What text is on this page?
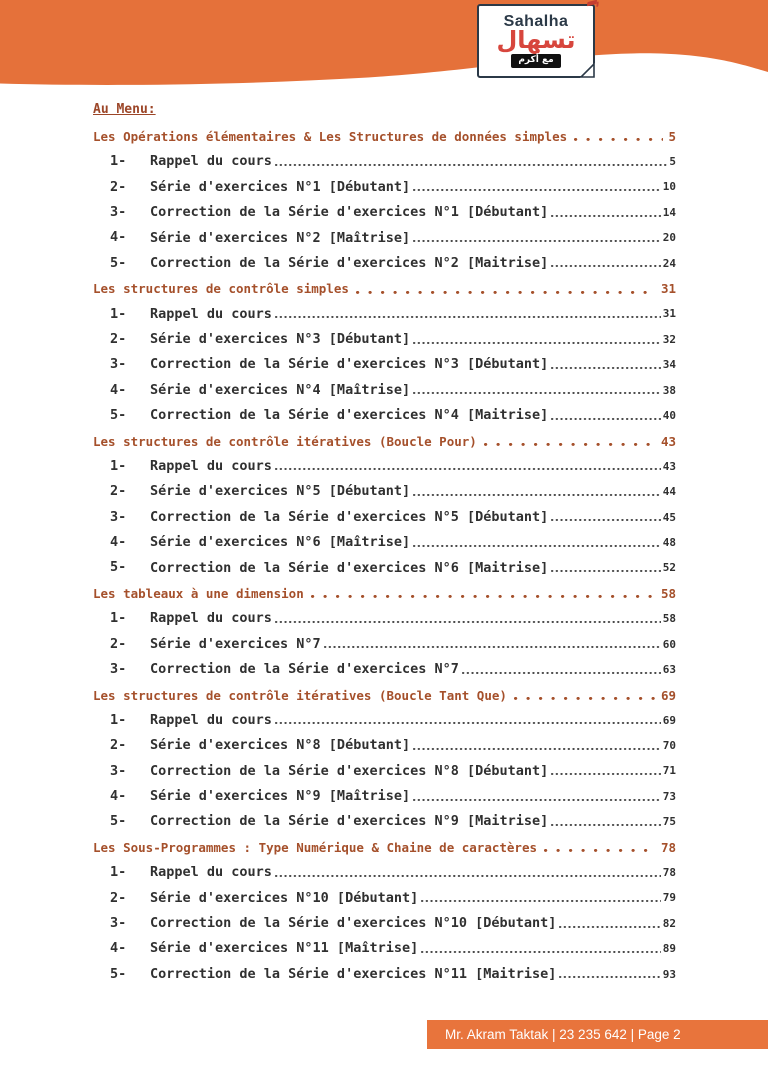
Sahalha
تسهال
مع أكرم
Au Menu:
Les Opérations élémentaires & Les Structures de données simples	5
1-	Rappel du cours	5
2-	Série d'exercices N°1 [Débutant]	10
3-	Correction de la Série d'exercices N°1 [Débutant]	14
4-	Série d'exercices N°2 [Maîtrise]	20
5-	Correction de la Série d'exercices N°2 [Maitrise]	24
Les structures de contrôle simples	31
1-	Rappel du cours	31
2-	Série d'exercices N°3 [Débutant]	32
3-	Correction de la Série d'exercices N°3 [Débutant]	34
4-	Série d'exercices N°4 [Maîtrise]	38
5-	Correction de la Série d'exercices N°4 [Maitrise]	40
Les structures de contrôle itératives (Boucle Pour)	43
1-	Rappel du cours	43
2-	Série d'exercices N°5 [Débutant]	44
3-	Correction de la Série d'exercices N°5 [Débutant]	45
4-	Série d'exercices N°6 [Maîtrise]	48
5-	Correction de la Série d'exercices N°6 [Maitrise]	52
Les tableaux à une dimension	58
1-	Rappel du cours	58
2-	Série d'exercices N°7	60
3-	Correction de la Série d'exercices N°7	63
Les structures de contrôle itératives (Boucle Tant Que)	69
1-	Rappel du cours	69
2-	Série d'exercices N°8 [Débutant]	70
3-	Correction de la Série d'exercices N°8 [Débutant]	71
4-	Série d'exercices N°9 [Maîtrise]	73
5-	Correction de la Série d'exercices N°9 [Maitrise]	75
Les Sous-Programmes : Type Numérique & Chaine de caractères	78
1-	Rappel du cours	78
2-	Série d'exercices N°10 [Débutant]	79
3-	Correction de la Série d'exercices N°10 [Débutant]	82
4-	Série d'exercices N°11 [Maîtrise]	89
5-	Correction de la Série d'exercices N°11 [Maitrise]	93
Mr. Akram Taktak | 23 235 642 | Page 2
